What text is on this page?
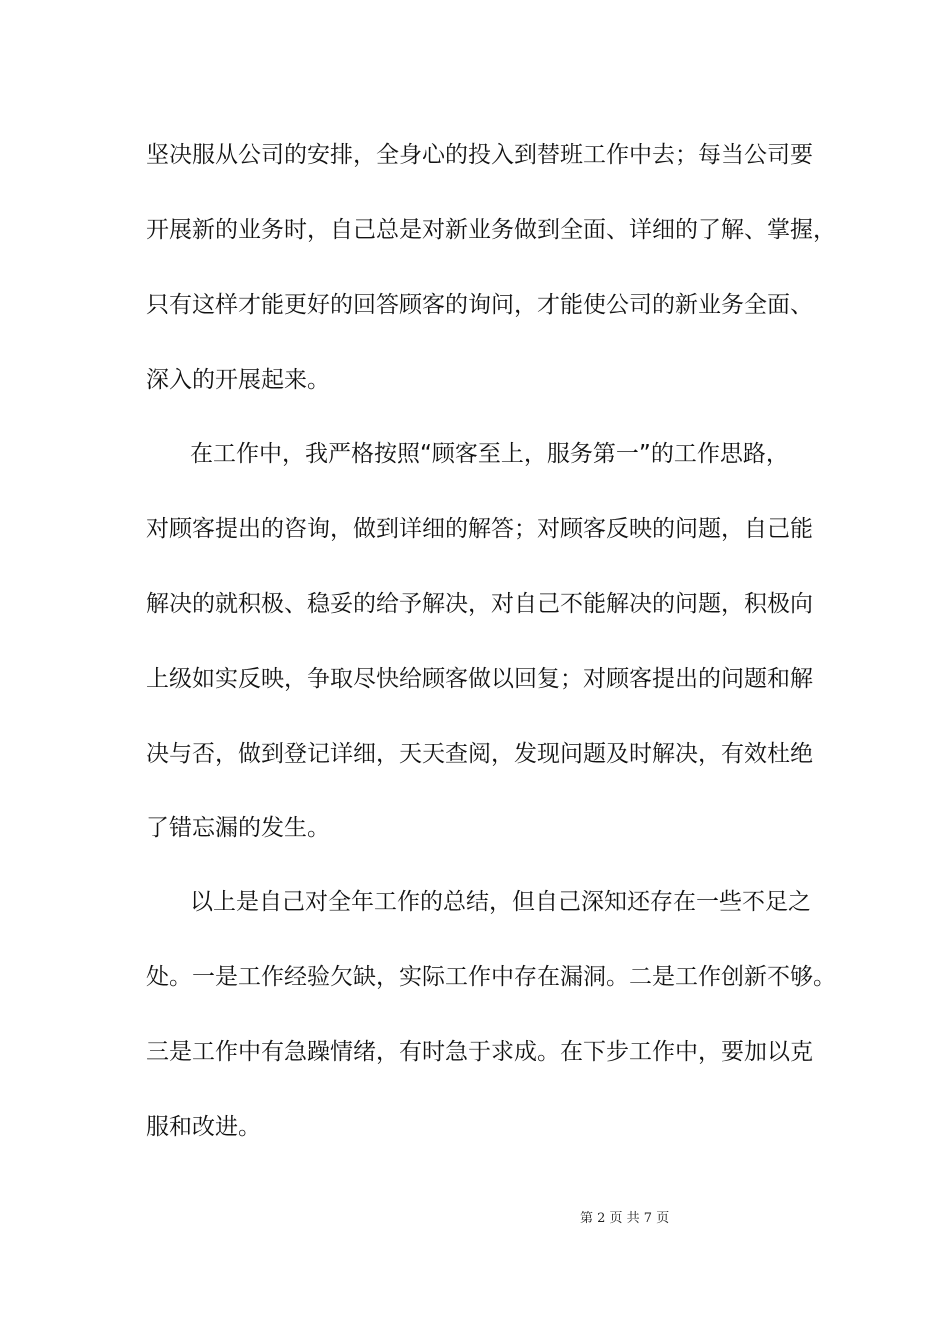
坚决服从公司的安排，全身心的投入到替班工作中去；每当公司要
开展新的业务时，自己总是对新业务做到全面、详细的了解、掌握，
只有这样才能更好的回答顾客的询问，才能使公司的新业务全面、
深入的开展起来。
在工作中，我严格按照“顾客至上，服务第一”的工作思路，
对顾客提出的咨询，做到详细的解答；对顾客反映的问题，自己能
解决的就积极、稳妥的给予解决，对自己不能解决的问题，积极向
上级如实反映，争取尽快给顾客做以回复；对顾客提出的问题和解
决与否，做到登记详细，天天查阅，发现问题及时解决，有效杜绝
了错忘漏的发生。
以上是自己对全年工作的总结，但自己深知还存在一些不足之
处。一是工作经验欠缺，实际工作中存在漏洞。二是工作创新不够。
三是工作中有急躁情绪，有时急于求成。在下步工作中，要加以克
服和改进。
第 2 页 共 7 页
